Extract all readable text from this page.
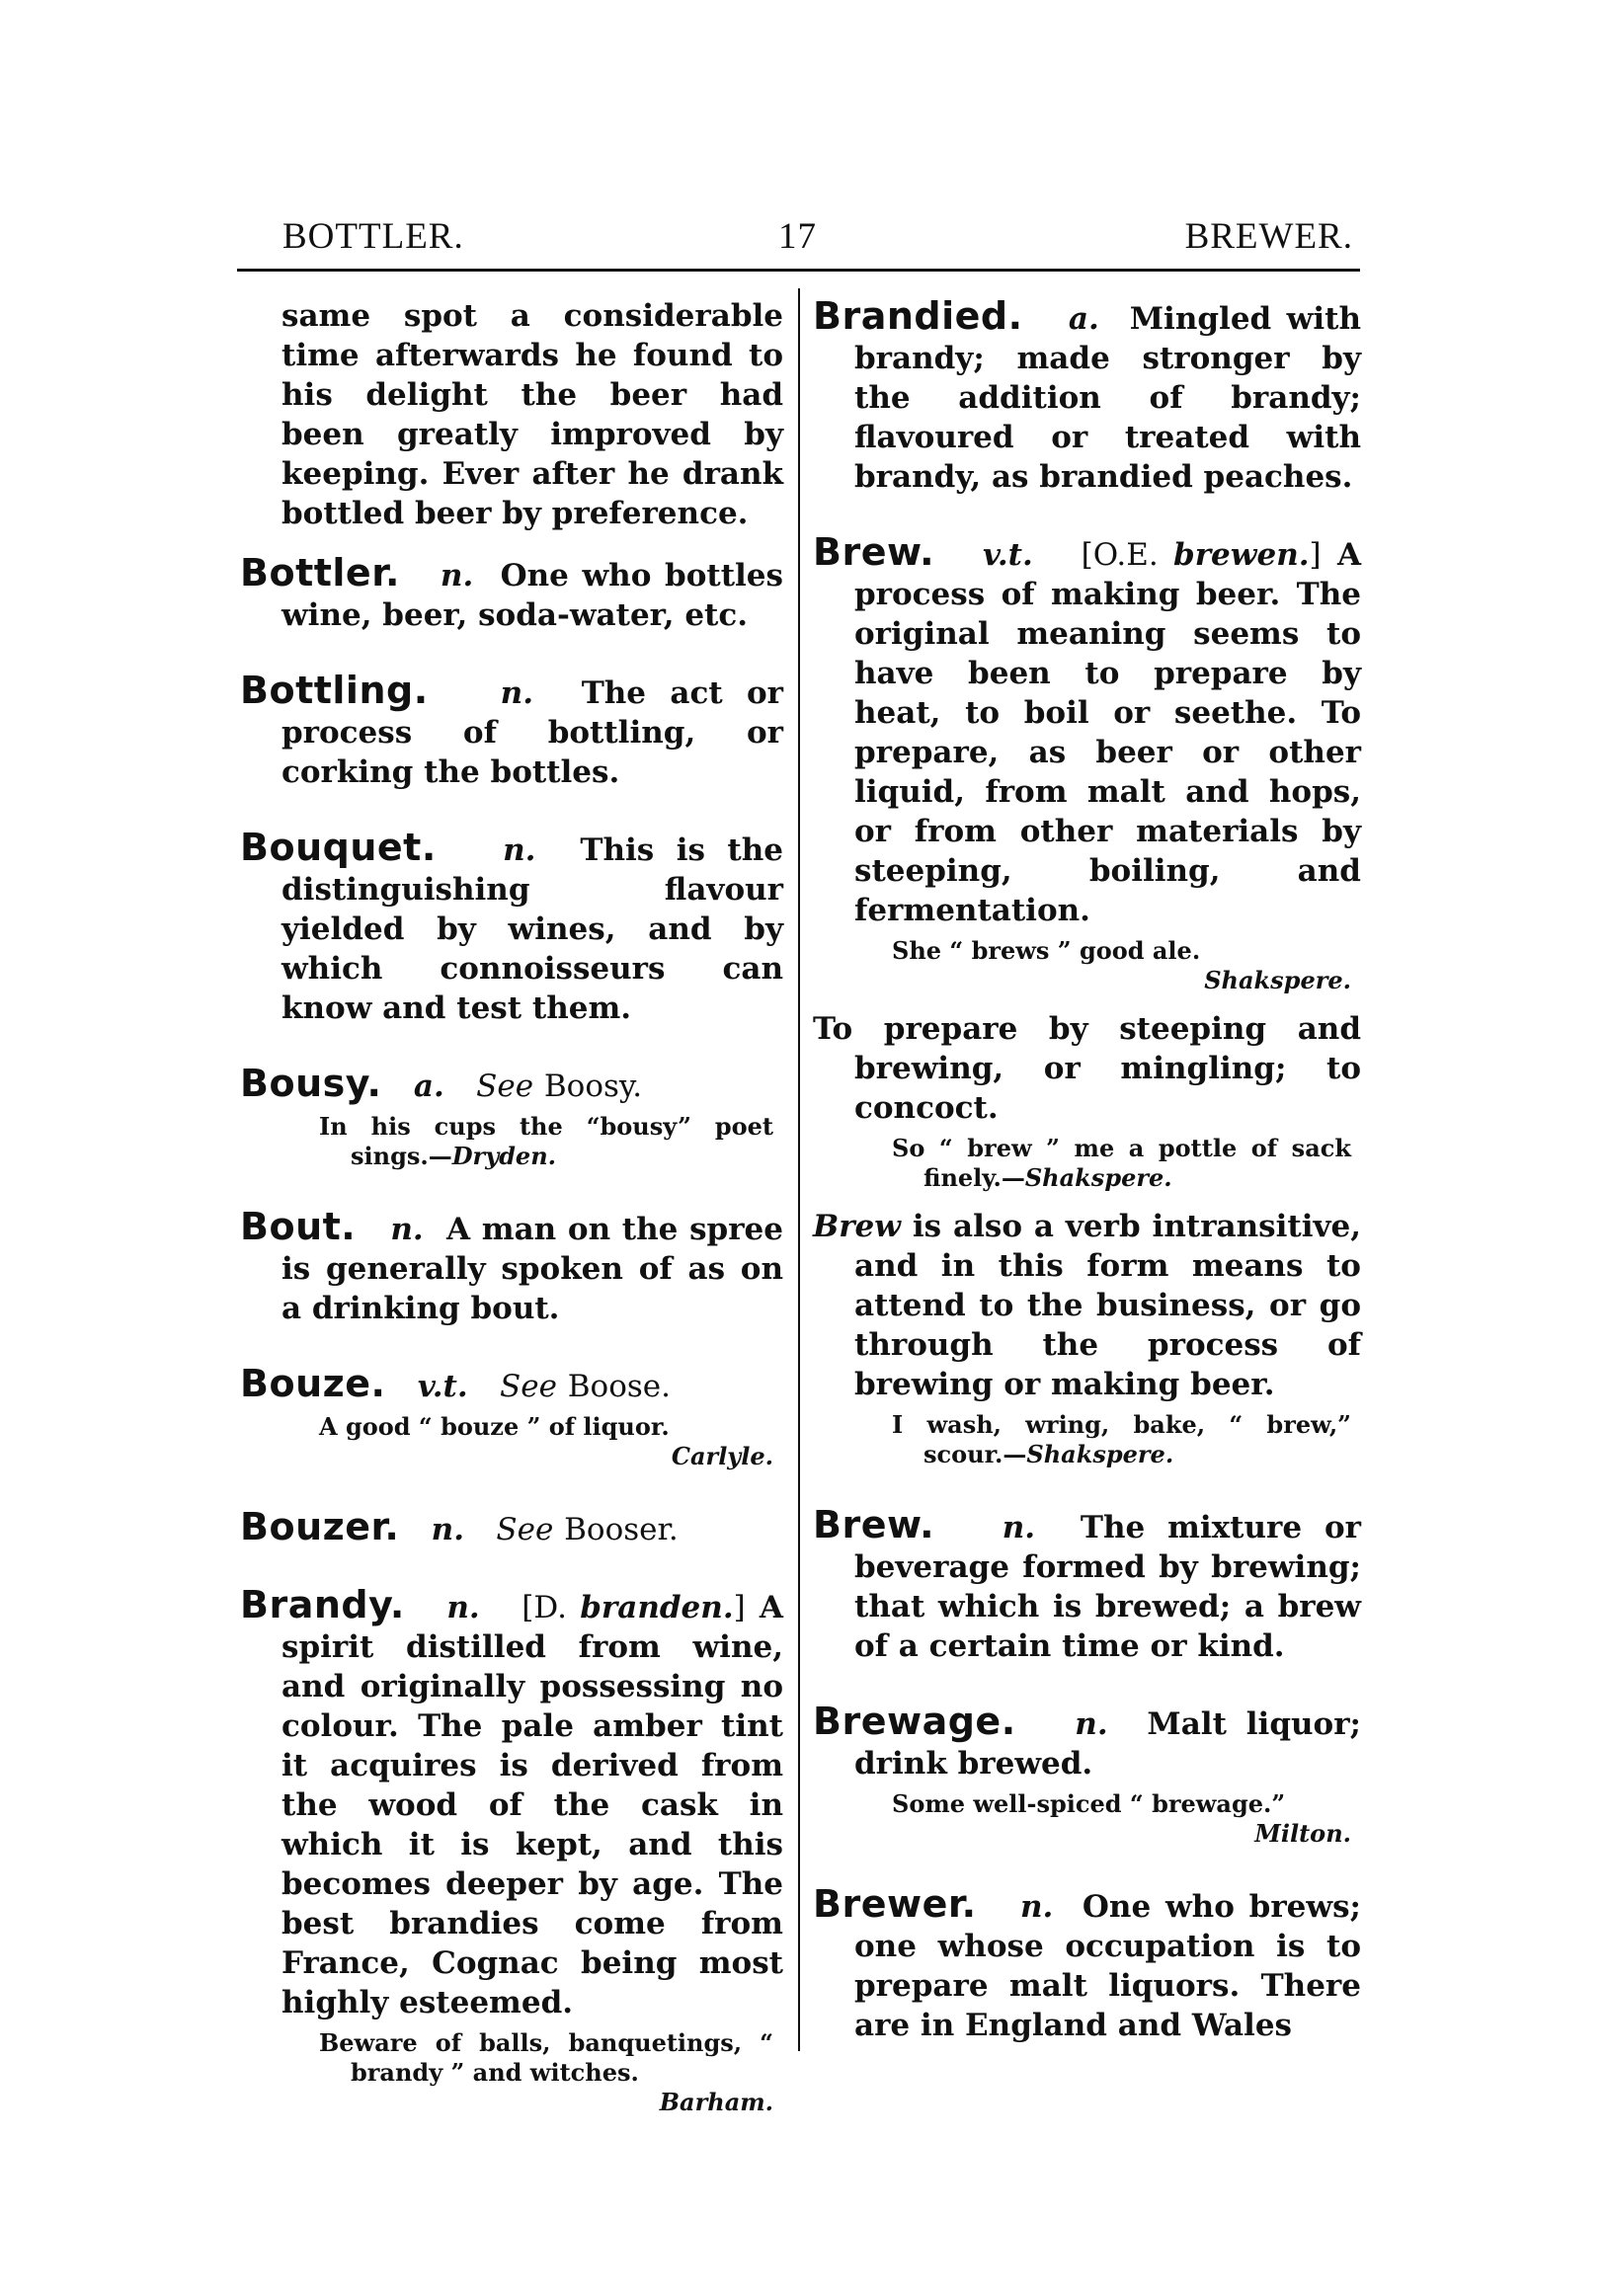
BOTTLER.	17	BREWER.

same spot a considerable time afterwards he found to his delight the beer had been greatly improved by keeping. Ever after he drank bottled beer by preference.

Bottler. n. One who bottles wine, beer, soda-water, etc.

Bottling. n. The act or process of bottling, or corking the bottles.

Bouquet. n. This is the distinguishing flavour yielded by wines, and by which connoisseurs can know and test them.

Bousy. a. See Boosy.

In his cups the “bousy” poet sings.—Dryden.

Bout. n. A man on the spree is generally spoken of as on a drinking bout.

Bouze. v.t. See Boose.

A good “ bouze ” of liquor.
Carlyle.

Bouzer. n. See Booser.

Brandy. n. [D. branden.] A spirit distilled from wine, and originally possessing no colour. The pale amber tint it acquires is derived from the wood of the cask in which it is kept, and this becomes deeper by age. The best brandies come from France, Cognac being most highly esteemed.

Beware of balls, banquetings, “ brandy ” and witches.
Barham.

Brandied. a. Mingled with brandy; made stronger by the addition of brandy; flavoured or treated with brandy, as brandied peaches.

Brew. v.t. [O.E. brewen.] A process of making beer. The original meaning seems to have been to prepare by heat, to boil or seethe. To prepare, as beer or other liquid, from malt and hops, or from other materials by steeping, boiling, and fermentation.

She “ brews ” good ale.
Shakspere.

To prepare by steeping and brewing, or mingling; to concoct.

So “ brew ” me a pottle of sack finely.—Shakspere.

Brew is also a verb intransitive, and in this form means to attend to the business, or go through the process of brewing or making beer.

I wash, wring, bake, “ brew,” scour.—Shakspere.

Brew. n. The mixture or beverage formed by brewing; that which is brewed; a brew of a certain time or kind.

Brewage. n. Malt liquor; drink brewed.

Some well-spiced “ brewage.”
Milton.

Brewer. n. One who brews; one whose occupation is to prepare malt liquors. There are in England and Wales
